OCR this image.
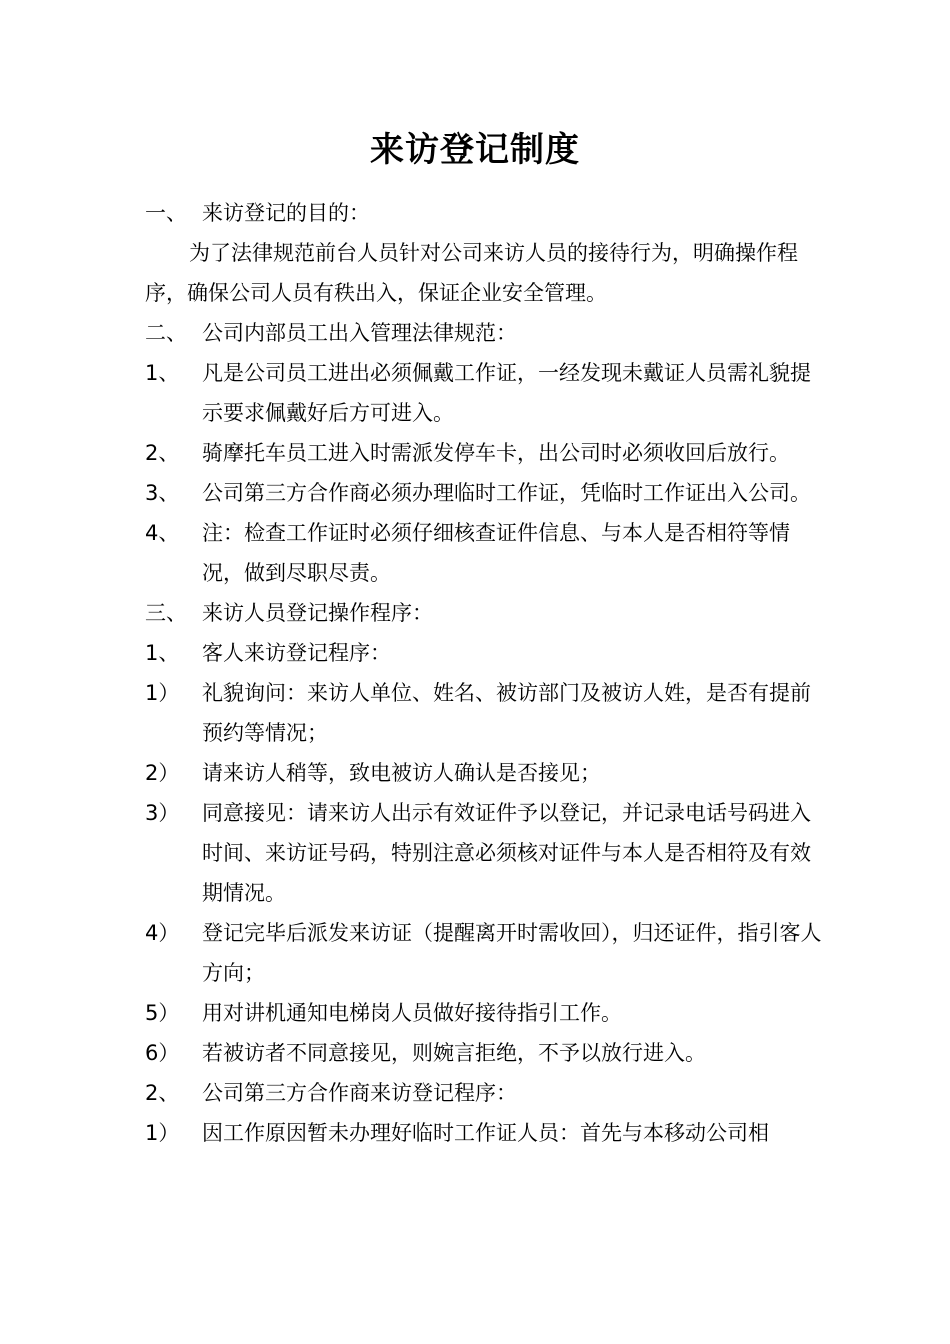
来访登记制度
一、 来访登记的目的：
为了法律规范前台人员针对公司来访人员的接待行为，明确操作程序，确保公司人员有秩出入，保证企业安全管理。
二、 公司内部员工出入管理法律规范：
1、	凡是公司员工进出必须佩戴工作证，一经发现未戴证人员需礼貌提示要求佩戴好后方可进入。
2、	骑摩托车员工进入时需派发停车卡，出公司时必须收回后放行。
3、	公司第三方合作商必须办理临时工作证，凭临时工作证出入公司。
4、	注：检查工作证时必须仔细核查证件信息、与本人是否相符等情况，做到尽职尽责。
三、 来访人员登记操作程序：
1、	客人来访登记程序：
1）	礼貌询问：来访人单位、姓名、被访部门及被访人姓，是否有提前预约等情况；
2）	请来访人稍等，致电被访人确认是否接见；
3）	同意接见：请来访人出示有效证件予以登记，并记录电话号码进入时间、来访证号码，特别注意必须核对证件与本人是否相符及有效期情况。
4）	登记完毕后派发来访证（提醒离开时需收回），归还证件，指引客人方向；
5）	用对讲机通知电梯岗人员做好接待指引工作。
6）	若被访者不同意接见，则婉言拒绝，不予以放行进入。
2、	公司第三方合作商来访登记程序：
1）	因工作原因暂未办理好临时工作证人员：首先与本移动公司相
